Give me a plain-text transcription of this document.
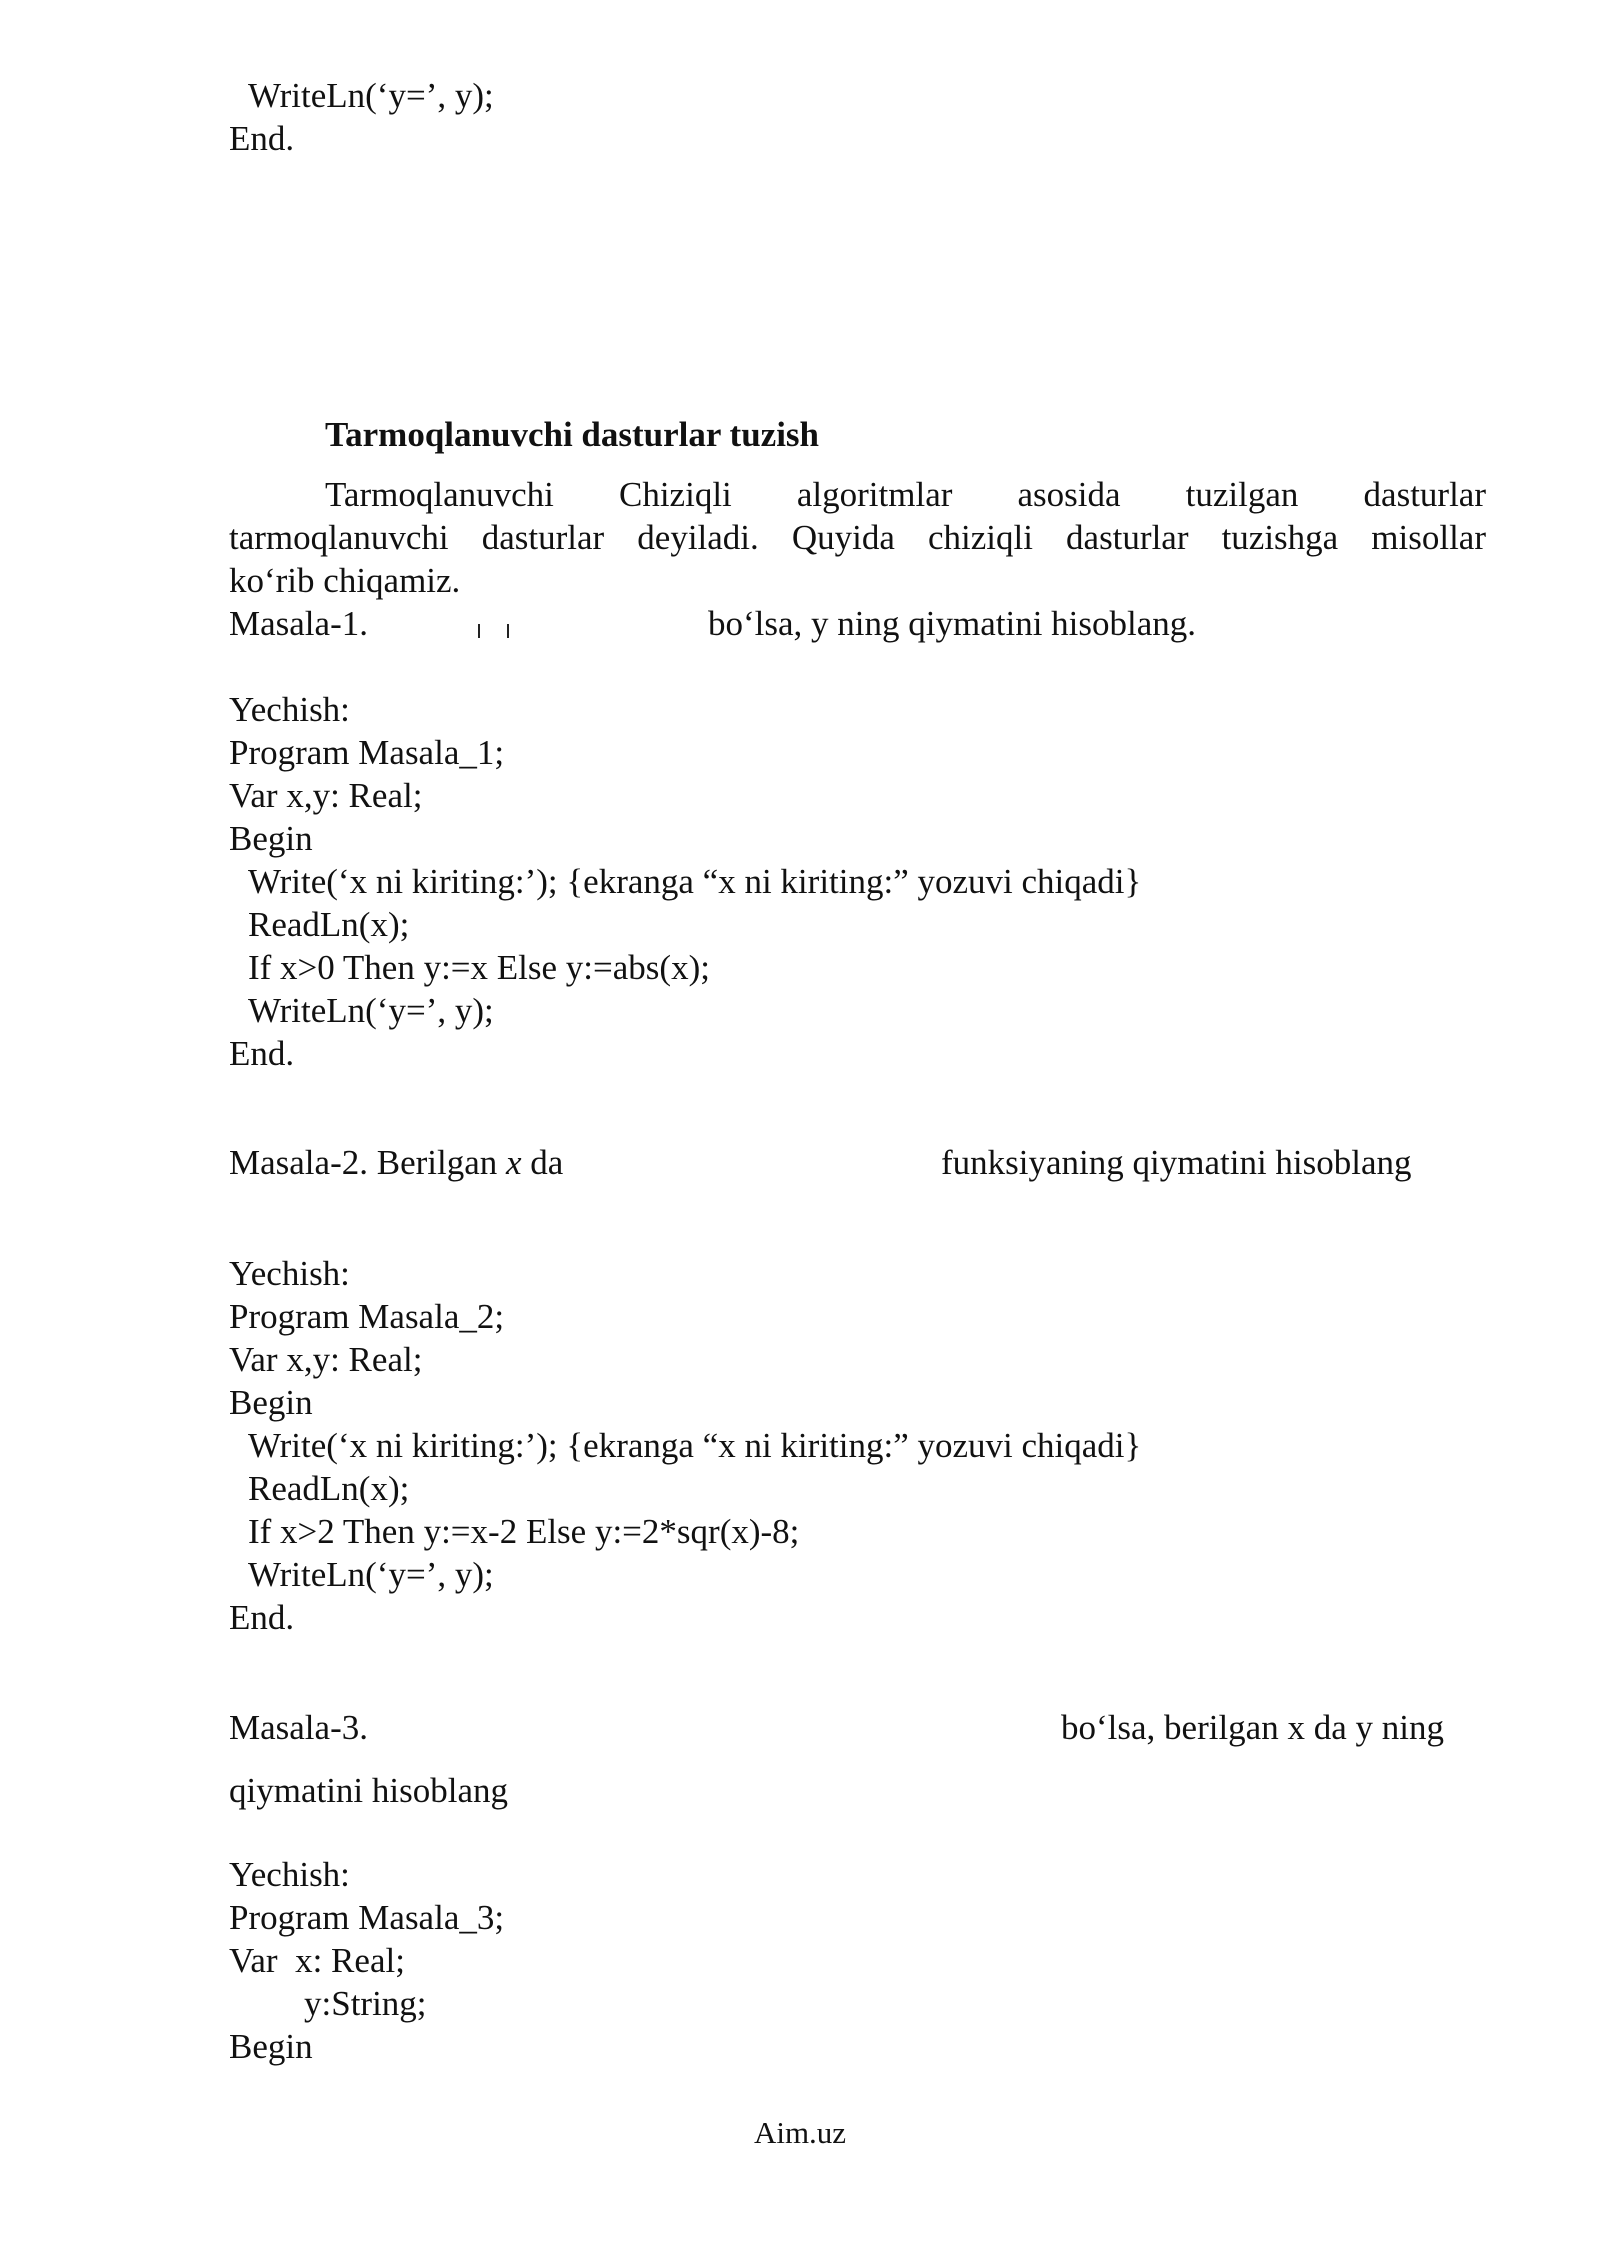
WriteLn(‘y=’, y);

End.

Tarmoqlanuvchi dasturlar tuzish

Tarmoqlanuvchi Chiziqli algoritmlar asosida tuzilgan dasturlar

tarmoqlanuvchi dasturlar deyiladi. Quyida chiziqli dasturlar tuzishga misollar

ko‘rib chiqamiz.

Masala-1.	bo‘lsa, y ning qiymatini hisoblang.

Yechish:

Program Masala_1;

Var x,y: Real;

Begin

Write(‘x ni kiriting:’); {ekranga “x ni kiriting:” yozuvi chiqadi}

ReadLn(x);

If x>0 Then y:=x Else y:=abs(x);

WriteLn(‘y=’, y);

End.

Masala-2. Berilgan x da	funksiyaning qiymatini hisoblang

Yechish:

Program Masala_2;

Var x,y: Real;

Begin

Write(‘x ni kiriting:’); {ekranga “x ni kiriting:” yozuvi chiqadi}

ReadLn(x);

If x>2 Then y:=x-2 Else y:=2*sqr(x)-8;

WriteLn(‘y=’, y);

End.

Masala-3.	bo‘lsa, berilgan x da y ning

qiymatini hisoblang

Yechish:

Program Masala_3;

Var  x: Real;

y:String;

Begin

Aim.uz
